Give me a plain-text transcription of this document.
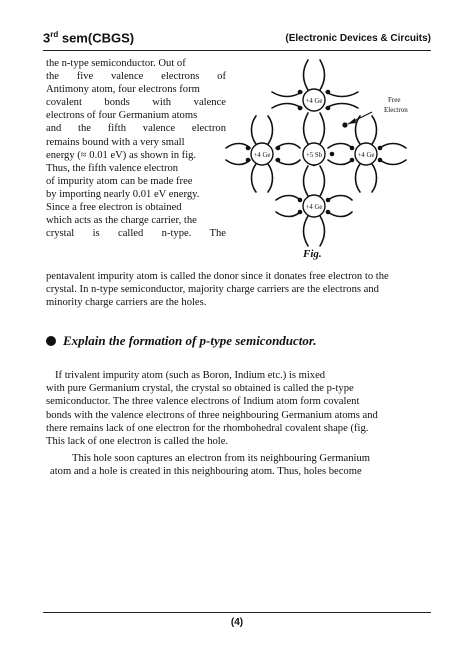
3rd sem(CBGS)	(Electronic Devices & Circuits)
the n-type semiconductor. Out of
the five valence electrons of
Antimony atom, four electrons form
covalent bonds with valence
electrons of four Germanium atoms
and the fifth valence electron
remains bound with a very small
energy (≈ 0.01 eV) as shown in fig.
Thus, the fifth valence electron
of impurity atom can be made free
by importing nearly 0.01 eV energy.
Since a free electron is obtained
which acts as the charge carrier, the
crystal is called n-type. The
+4 Ge
+4 Ge	+5 Sb	+4 Ge
+4 Ge
Free
Electron
Fig.
pentavalent impurity atom is called the donor since it donates free electron to the
crystal. In n-type semiconductor, majority charge carriers are the electrons and
minority charge carriers are the holes.
Explain the formation of p-type semiconductor.
If trivalent impurity atom (such as Boron, Indium etc.) is mixed
with pure Germanium crystal, the crystal so obtained is called the p-type
semiconductor. The three valence electrons of Indium atom form covalent
bonds with the valence electrons of three neighbouring Germanium atoms and
there remains lack of one electron for the rhombohedral covalent shape (fig.
This lack of one electron is called the hole.
This hole soon captures an electron from its neighbouring Germanium
atom and a hole is created in this neighbouring atom. Thus, holes become
(4)
